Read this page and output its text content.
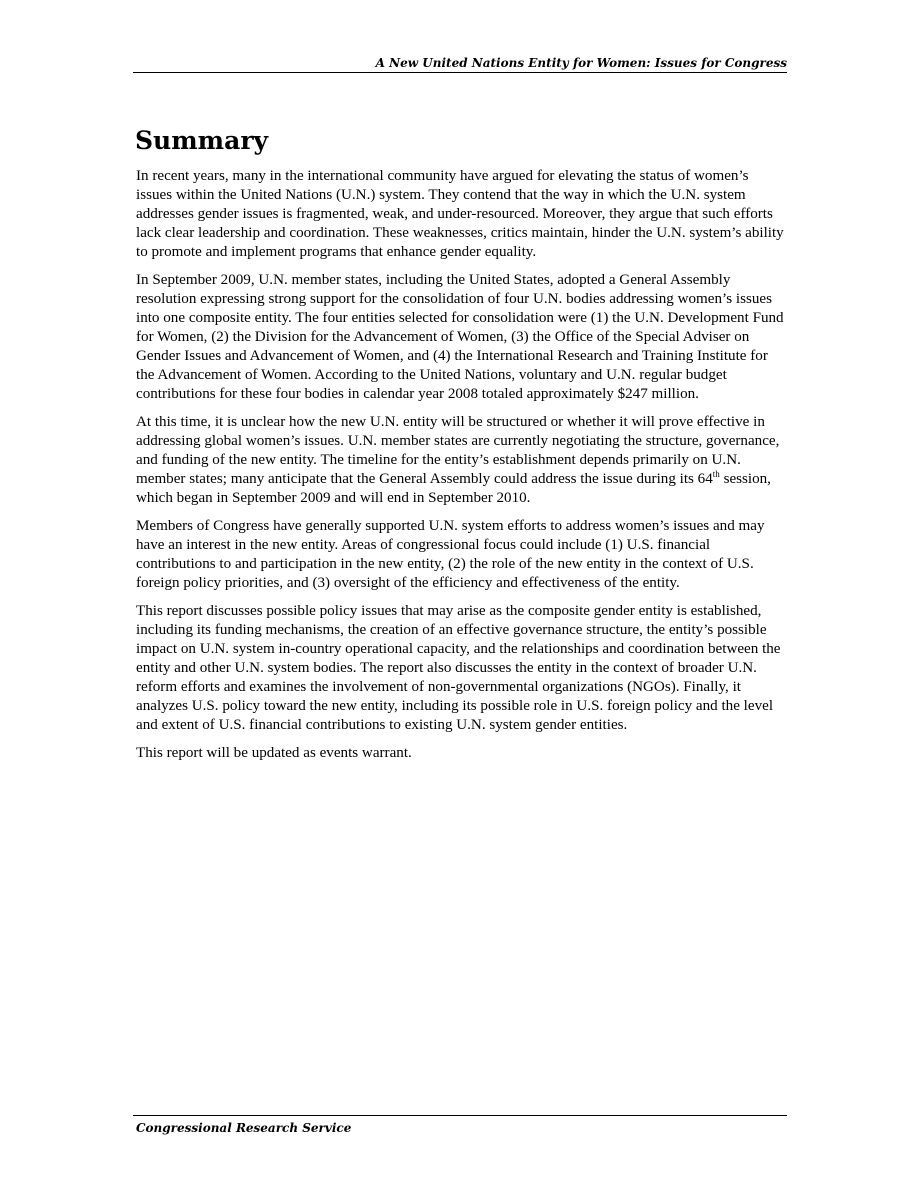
A New United Nations Entity for Women: Issues for Congress
Summary

In recent years, many in the international community have argued for elevating the status of women’s issues within the United Nations (U.N.) system. They contend that the way in which the U.N. system addresses gender issues is fragmented, weak, and under-resourced. Moreover, they argue that such efforts lack clear leadership and coordination. These weaknesses, critics maintain, hinder the U.N. system’s ability to promote and implement programs that enhance gender equality.

In September 2009, U.N. member states, including the United States, adopted a General Assembly resolution expressing strong support for the consolidation of four U.N. bodies addressing women’s issues into one composite entity. The four entities selected for consolidation were (1) the U.N. Development Fund for Women, (2) the Division for the Advancement of Women, (3) the Office of the Special Adviser on Gender Issues and Advancement of Women, and (4) the International Research and Training Institute for the Advancement of Women. According to the United Nations, voluntary and U.N. regular budget contributions for these four bodies in calendar year 2008 totaled approximately $247 million.

At this time, it is unclear how the new U.N. entity will be structured or whether it will prove effective in addressing global women’s issues. U.N. member states are currently negotiating the structure, governance, and funding of the new entity. The timeline for the entity’s establishment depends primarily on U.N. member states; many anticipate that the General Assembly could address the issue during its 64th session, which began in September 2009 and will end in September 2010.

Members of Congress have generally supported U.N. system efforts to address women’s issues and may have an interest in the new entity. Areas of congressional focus could include (1) U.S. financial contributions to and participation in the new entity, (2) the role of the new entity in the context of U.S. foreign policy priorities, and (3) oversight of the efficiency and effectiveness of the entity.

This report discusses possible policy issues that may arise as the composite gender entity is established, including its funding mechanisms, the creation of an effective governance structure, the entity’s possible impact on U.N. system in-country operational capacity, and the relationships and coordination between the entity and other U.N. system bodies. The report also discusses the entity in the context of broader U.N. reform efforts and examines the involvement of non-governmental organizations (NGOs). Finally, it analyzes U.S. policy toward the new entity, including its possible role in U.S. foreign policy and the level and extent of U.S. financial contributions to existing U.N. system gender entities.

This report will be updated as events warrant.

Congressional Research Service
